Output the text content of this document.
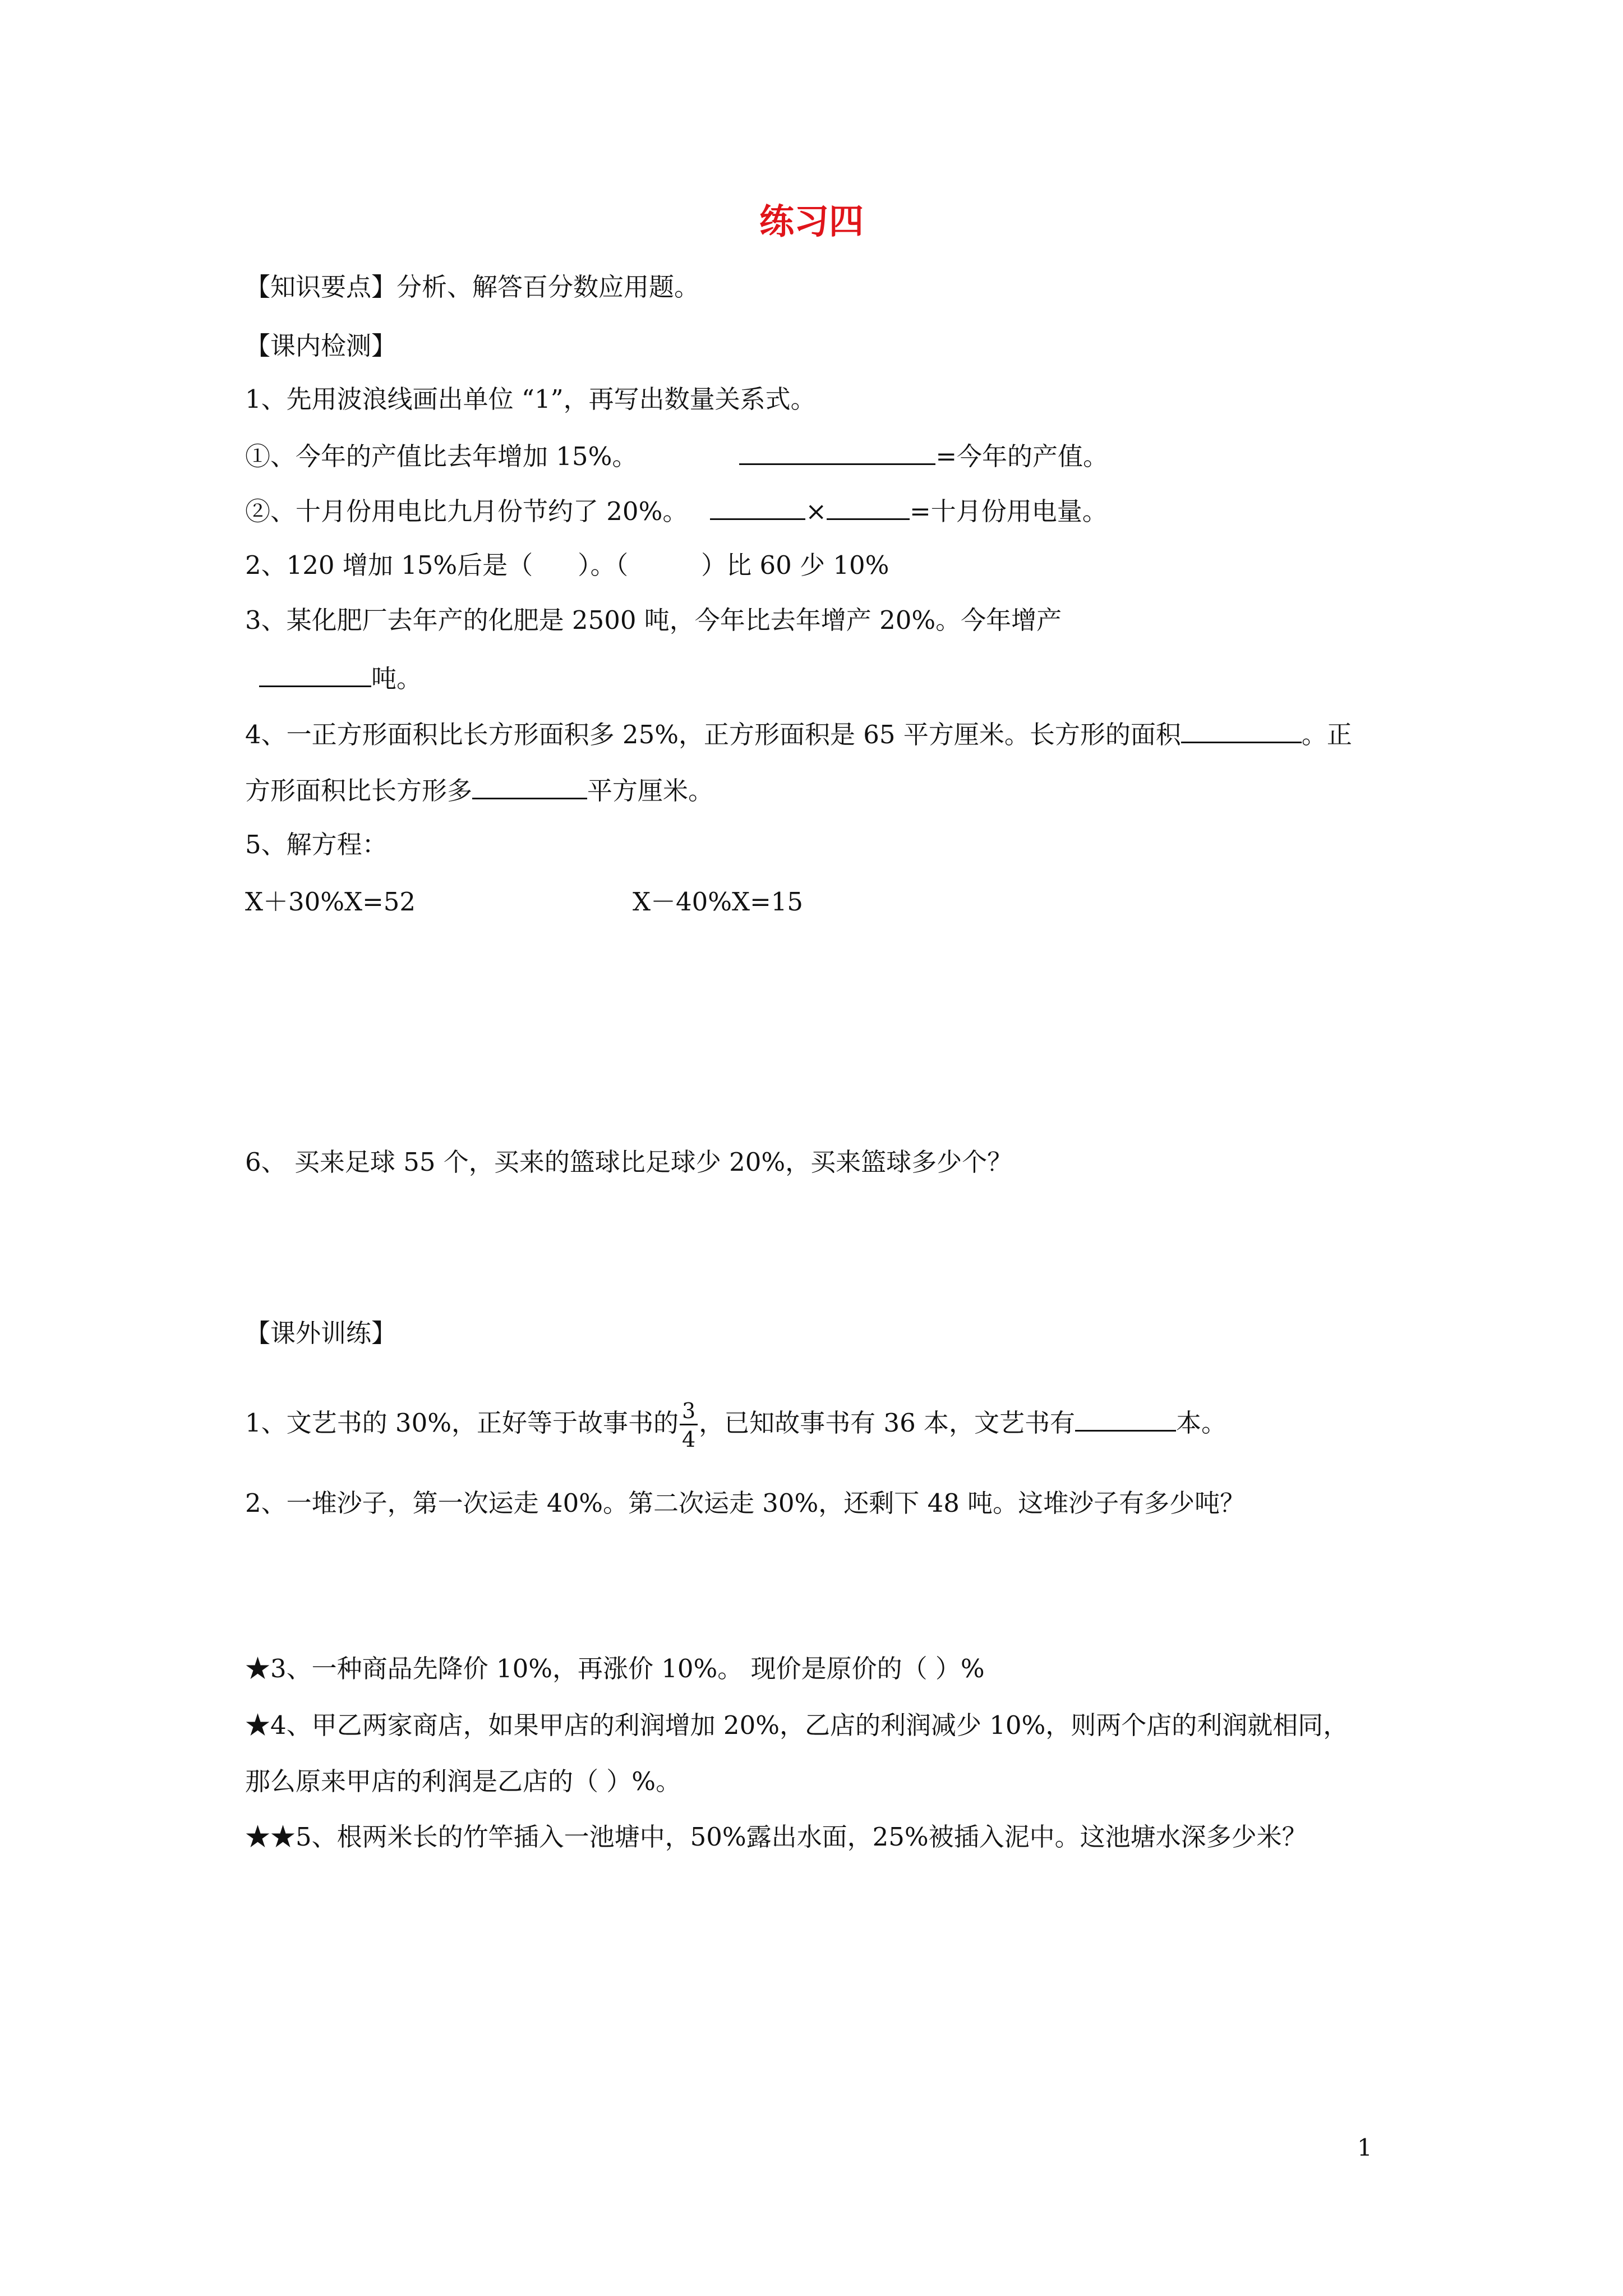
练习四
【知识要点】分析、解答百分数应用题。
【课内检测】
1、先用波浪线画出单位 “1”，再写出数量关系式。
①、今年的产值比去年增加 15%。	=今年的产值。
②、十月份用电比九月份节约了 20%。	×	=十月份用电量。
2、120 增加 15%后是（ ）。（	）比 60 少 10%
3、某化肥厂去年产的化肥是 2500 吨，今年比去年增产 20%。今年增产
吨。
4、一正方形面积比长方形面积多 25%，正方形面积是 65 平方厘米。长方形的面积	。正
方形面积比长方形多	平方厘米。
5、解方程：
X＋30%X=52	X－40%X=15
6、 买来足球 55 个，买来的篮球比足球少 20%，买来篮球多少个？
【课外训练】
1、文艺书的 30%，正好等于故事书的 $\frac{3}{4}$ ，已知故事书有 36 本，文艺书有	本。
2、一堆沙子，第一次运走 40%。第二次运走 30%，还剩下 48 吨。这堆沙子有多少吨？
★3、一种商品先降价 10%，再涨价 10%。 现价是原价的（ ）%
★4、甲乙两家商店，如果甲店的利润增加 20%，乙店的利润减少 10%，则两个店的利润就相同，
那么原来甲店的利润是乙店的（ ）%。
★★5、根两米长的竹竿插入一池塘中，50%露出水面，25%被插入泥中。这池塘水深多少米？
1
